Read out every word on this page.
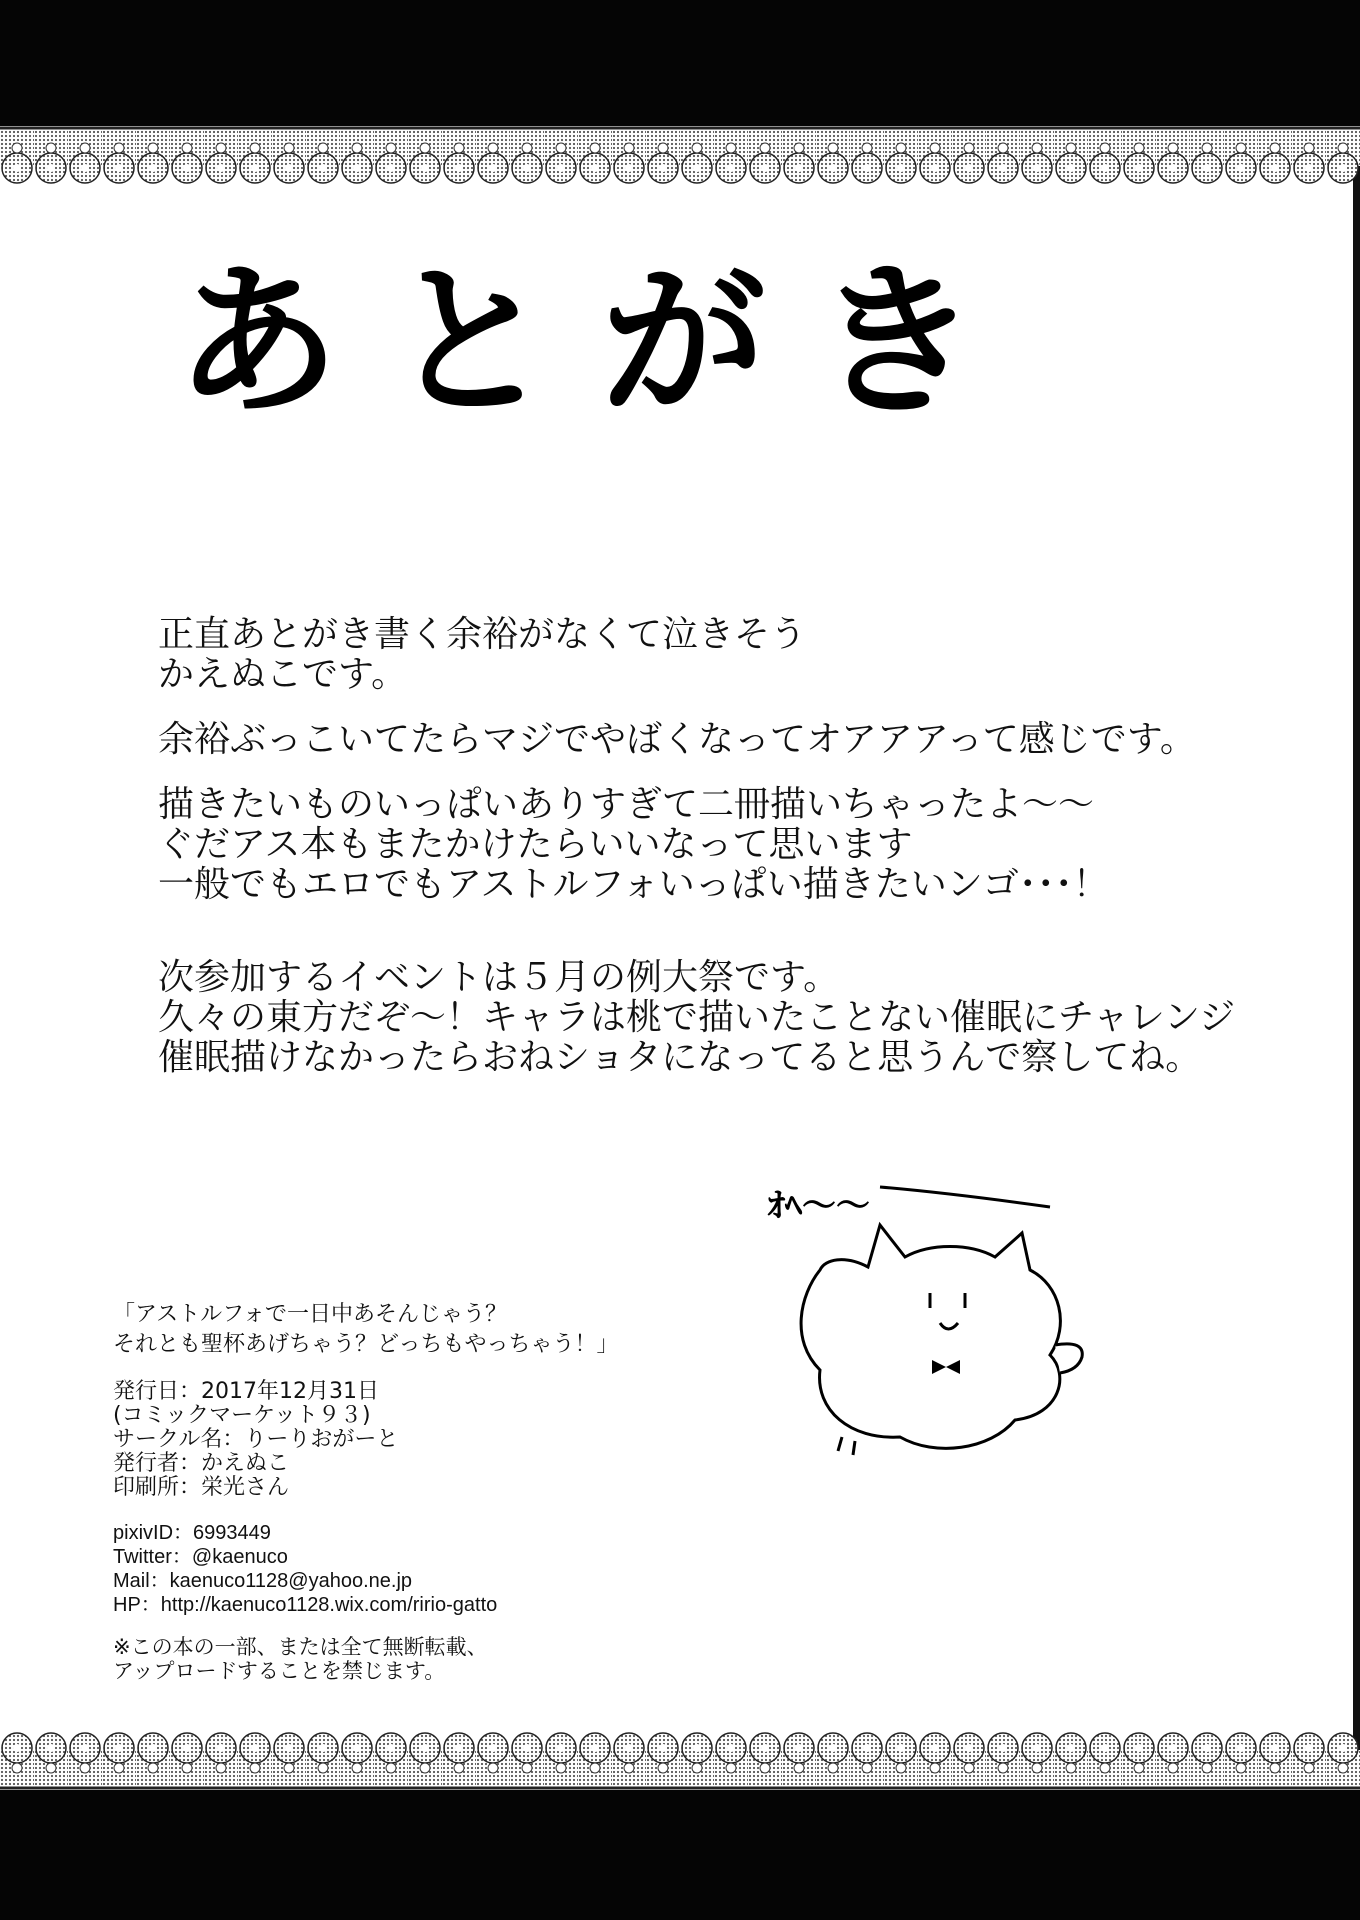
あとがき
正直あとがき書く余裕がなくて泣きそう
かえぬこです。
余裕ぶっこいてたらマジでやばくなってオアアアって感じです。
描きたいものいっぱいありすぎて二冊描いちゃったよ～～
ぐだアス本もまたかけたらいいなって思います
一般でもエロでもアストルフォいっぱい描きたいンゴ･･･！
次参加するイベントは５月の例大祭です。
久々の東方だぞ～！キャラは桃で描いたことない催眠にチャレンジ
催眠描けなかったらおねショタになってると思うんで察してね。
ｵﾍ〜〜
「アストルフォで一日中あそんじゃう？
それとも聖杯あげちゃう？どっちもやっちゃう！」
発行日：2017年12月31日
(コミックマーケット９３)
サークル名：りーりおがーと
発行者：かえぬこ
印刷所：栄光さん
pixivID：6993449
Twitter：@kaenuco
Mail：kaenuco1128@yahoo.ne.jp
HP：http://kaenuco1128.wix.com/ririo-gatto
※この本の一部、または全て無断転載、
アップロードすることを禁じます。
